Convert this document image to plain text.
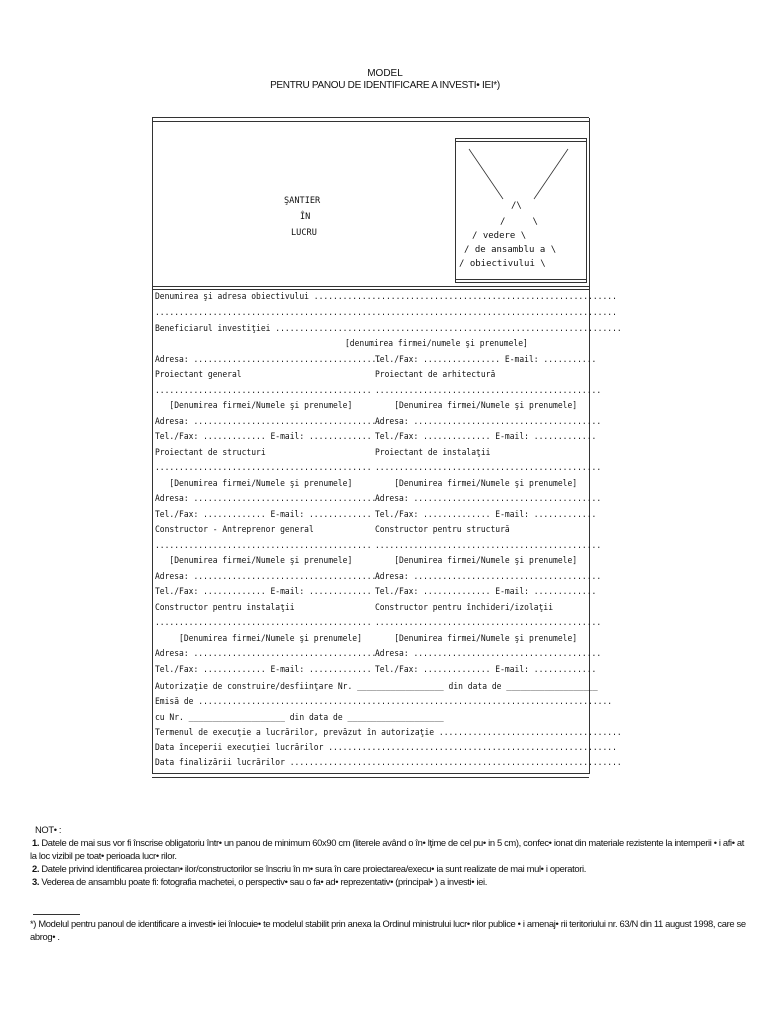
MODEL
PENTRU PANOU DE IDENTIFICARE A INVESTI• IEI*)
ŞANTIER
ÎN
LUCRU
/\
/     \
/ vedere \
/ de ansamblu a \
/ obiectivului \
Denumirea şi adresa obiectivului ...............................................................
................................................................................................
Beneficiarul investiţiei ........................................................................
[denumirea firmei/numele şi prenumele]
Adresa: .......................................
Proiectant general
.............................................
[Denumirea firmei/Numele şi prenumele]
Adresa: .......................................
Tel./Fax: ............. E-mail: .............
Proiectant de structuri
.............................................
[Denumirea firmei/Numele şi prenumele]
Adresa: .......................................
Tel./Fax: ............. E-mail: .............
Constructor - Antreprenor general
.............................................
[Denumirea firmei/Numele şi prenumele]
Adresa: .......................................
Tel./Fax: ............. E-mail: .............
Constructor pentru instalaţii
.............................................
[Denumirea firmei/Numele şi prenumele]
Adresa: .......................................
Tel./Fax: ............. E-mail: .............
Tel./Fax: ................ E-mail: ...........
Proiectant de arhitectură
...............................................
[Denumirea firmei/Numele şi prenumele]
Adresa: .......................................
Tel./Fax: .............. E-mail: .............
Proiectant de instalaţii
...............................................
[Denumirea firmei/Numele şi prenumele]
Adresa: .......................................
Tel./Fax: .............. E-mail: .............
Constructor pentru structură
...............................................
[Denumirea firmei/Numele şi prenumele]
Adresa: .......................................
Tel./Fax: .............. E-mail: .............
Constructor pentru închideri/izolaţii
...............................................
[Denumirea firmei/Numele şi prenumele]
Adresa: .......................................
Tel./Fax: .............. E-mail: .............
Autorizaţie de construire/desfiinţare Nr. __________________ din data de ___________________
Emisă de ......................................................................................
cu Nr. ____________________ din data de ____________________
Termenul de execuţie a lucrărilor, prevăzut în autorizaţie ......................................
Data începerii execuţiei lucrărilor ............................................................
Data finalizării lucrărilor .....................................................................
NOT• :
1. Datele de mai sus vor fi înscrise obligatoriu într• un panou de minimum 60x90 cm (literele având o în• lţime de cel pu• in 5 cm), confec• ionat din materiale rezistente la intemperii • i afi• at la loc vizibil pe toat• perioada lucr• rilor.
2. Datele privind identificarea proiectan• ilor/constructorilor se înscriu în m• sura în care proiectarea/execu• ia sunt realizate de mai mul• i operatori.
3. Vederea de ansamblu poate fi: fotografia machetei, o perspectiv• sau o fa• ad• reprezentativ• (principal• ) a investi• iei.
*) Modelul pentru panoul de identificare a investi• iei înlocuie• te modelul stabilit prin anexa la Ordinul ministrului lucr• rilor publice • i amenaj• rii teritoriului nr. 63/N din 11 august 1998, care se abrog• .
